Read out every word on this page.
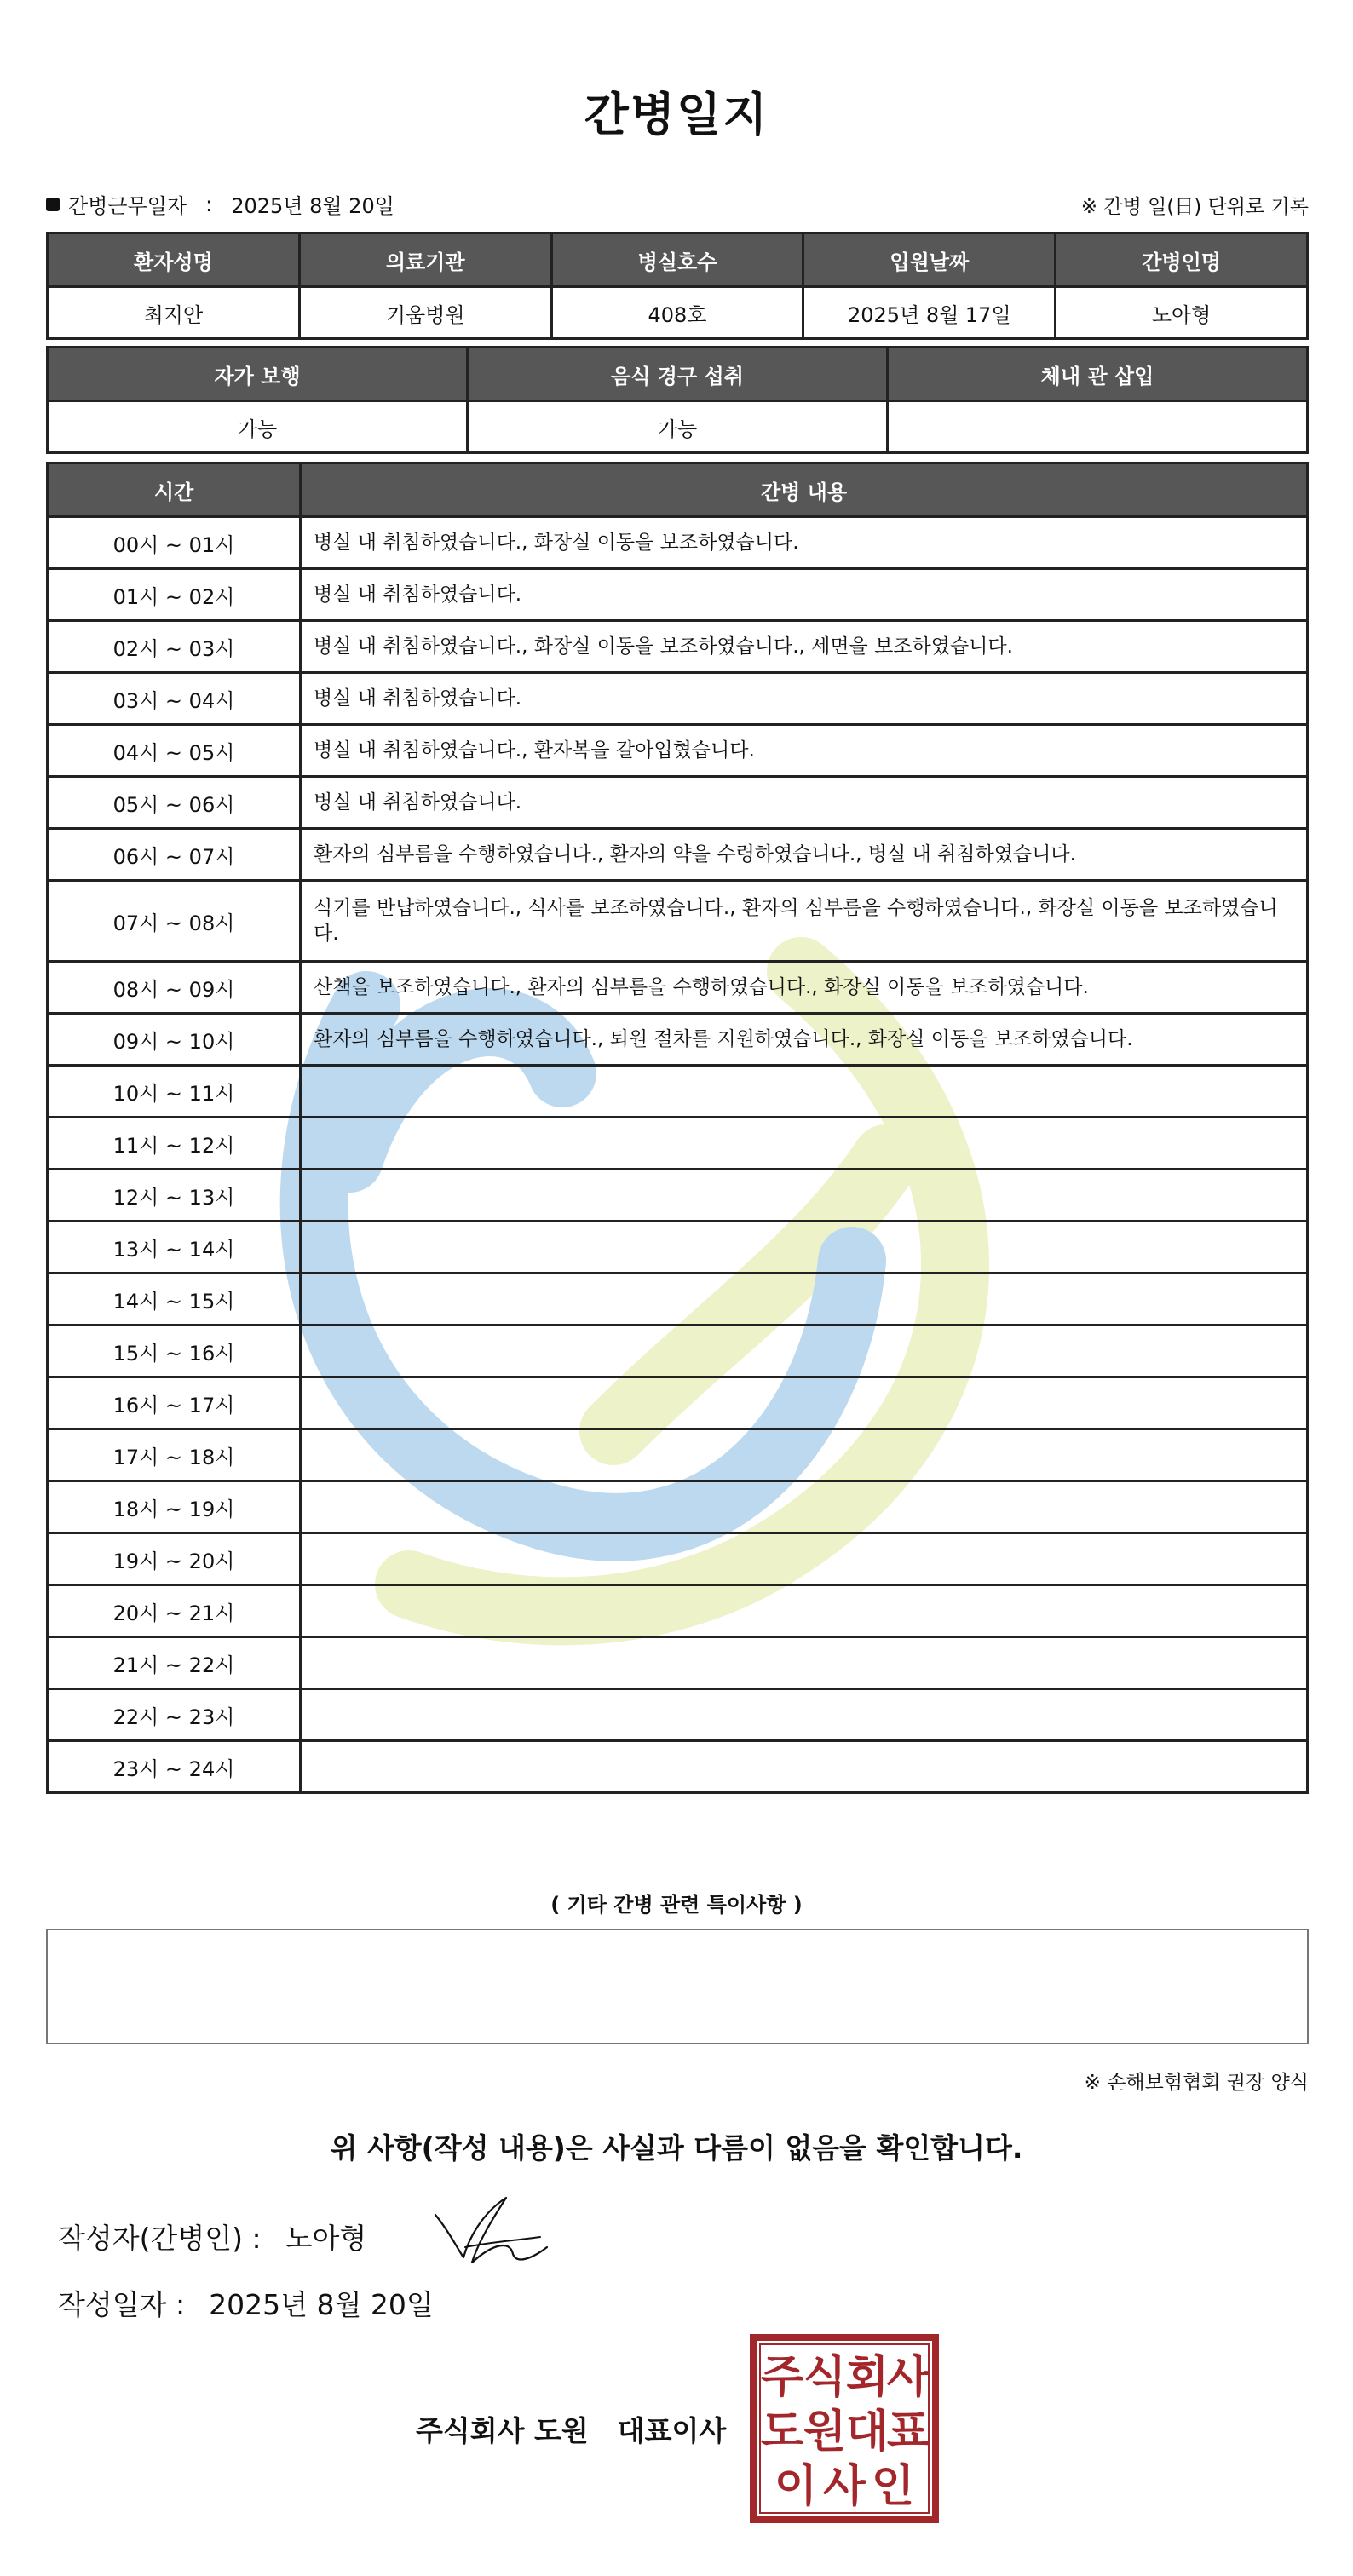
간병일지
간병근무일자 : 2025년 8월 20일	※ 간병 일(日) 단위로 기록
환자성명	의료기관	병실호수	입원날짜	간병인명
최지안	키움병원	408호	2025년 8월 17일	노아형
자가 보행	음식 경구 섭취	체내 관 삽입
가능	가능	
시간	간병 내용
00시 ~ 01시	병실 내 취침하였습니다., 화장실 이동을 보조하였습니다.
01시 ~ 02시	병실 내 취침하였습니다.
02시 ~ 03시	병실 내 취침하였습니다., 화장실 이동을 보조하였습니다., 세면을 보조하였습니다.
03시 ~ 04시	병실 내 취침하였습니다.
04시 ~ 05시	병실 내 취침하였습니다., 환자복을 갈아입혔습니다.
05시 ~ 06시	병실 내 취침하였습니다.
06시 ~ 07시	환자의 심부름을 수행하였습니다., 환자의 약을 수령하였습니다., 병실 내 취침하였습니다.
07시 ~ 08시	식기를 반납하였습니다., 식사를 보조하였습니다., 환자의 심부름을 수행하였습니다., 화장실 이동을 보조하였습니다.
08시 ~ 09시	산책을 보조하였습니다., 환자의 심부름을 수행하였습니다., 화장실 이동을 보조하였습니다.
09시 ~ 10시	환자의 심부름을 수행하였습니다., 퇴원 절차를 지원하였습니다., 화장실 이동을 보조하였습니다.
10시 ~ 11시	
11시 ~ 12시	
12시 ~ 13시	
13시 ~ 14시	
14시 ~ 15시	
15시 ~ 16시	
16시 ~ 17시	
17시 ~ 18시	
18시 ~ 19시	
19시 ~ 20시	
20시 ~ 21시	
21시 ~ 22시	
22시 ~ 23시	
23시 ~ 24시	
( 기타 간병 관련 특이사항 )
※ 손해보험협회 권장 양식
위 사항(작성 내용)은 사실과 다름이 없음을 확인합니다.
작성자(간병인) : 노아형
작성일자 : 2025년 8월 20일
주식회사 도원 대표이사
주 식 회
사
도 원 대
표
이 사 인
